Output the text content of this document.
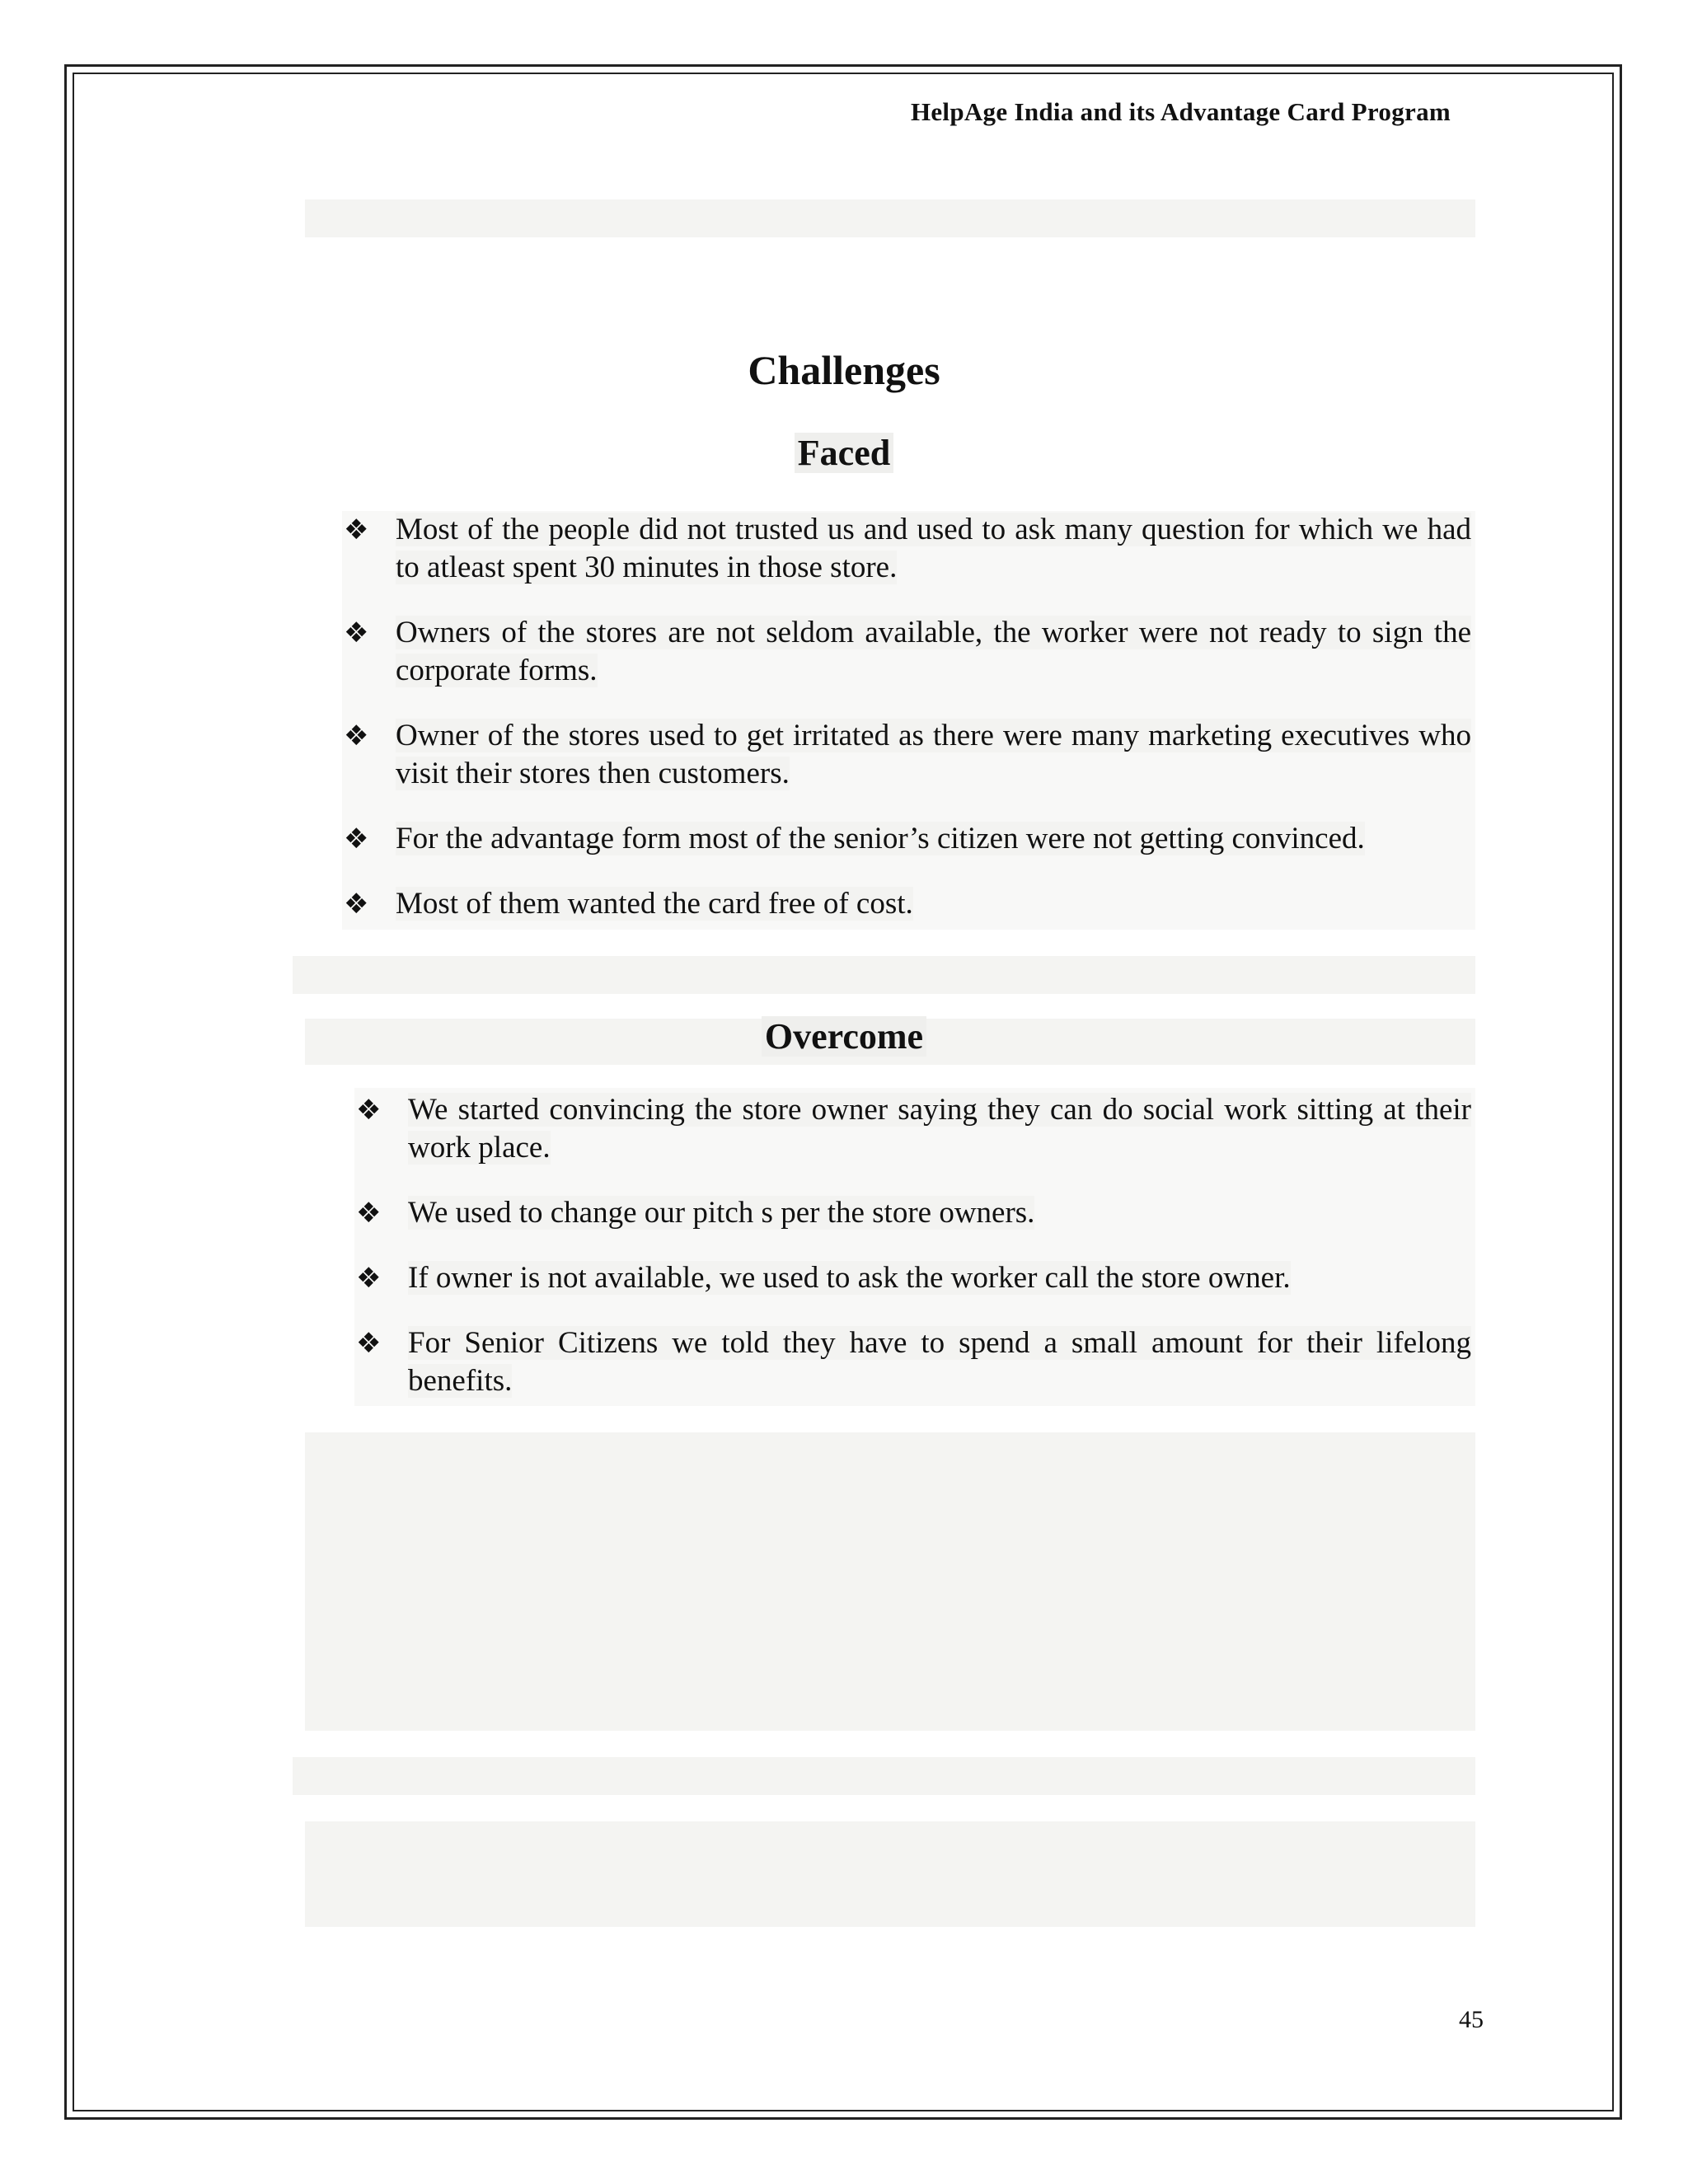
HelpAge India and its Advantage Card Program
Challenges
Faced
❖ Most of the people did not trusted us and used to ask many question for which we had to atleast spent 30 minutes in those store.
❖ Owners of the stores are not seldom available, the worker were not ready to sign the corporate forms.
❖ Owner of the stores used to get irritated as there were many marketing executives who visit their stores then customers.
❖ For the advantage form most of the senior’s citizen were not getting convinced.
❖ Most of them wanted the card free of cost.
Overcome
❖ We started convincing the store owner saying they can do social work sitting at their work place.
❖ We used to change our pitch s per the store owners.
❖ If owner is not available, we used to ask the worker call the store owner.
❖ For Senior Citizens we told they have to spend a small amount for their lifelong benefits.
45
